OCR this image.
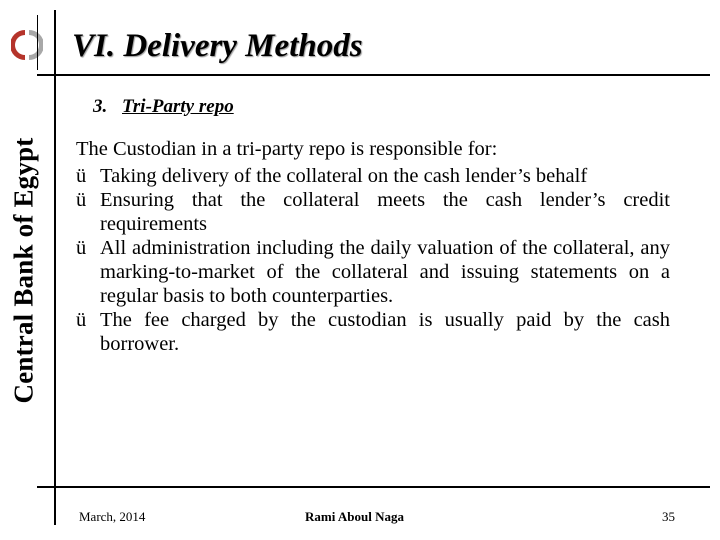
Central Bank of Egypt
VI. Delivery Methods
3. Tri-Party repo
The Custodian in a tri-party repo is responsible for:
ü Taking delivery of the collateral on the cash lender’s behalf
ü Ensuring that the collateral meets the cash lender’s credit requirements
ü All administration including the daily valuation of the collateral, any marking-to-market of the collateral and issuing statements on a regular basis to both counterparties.
ü The fee charged by the custodian is usually paid by the cash borrower.
March, 2014	Rami Aboul Naga	35
